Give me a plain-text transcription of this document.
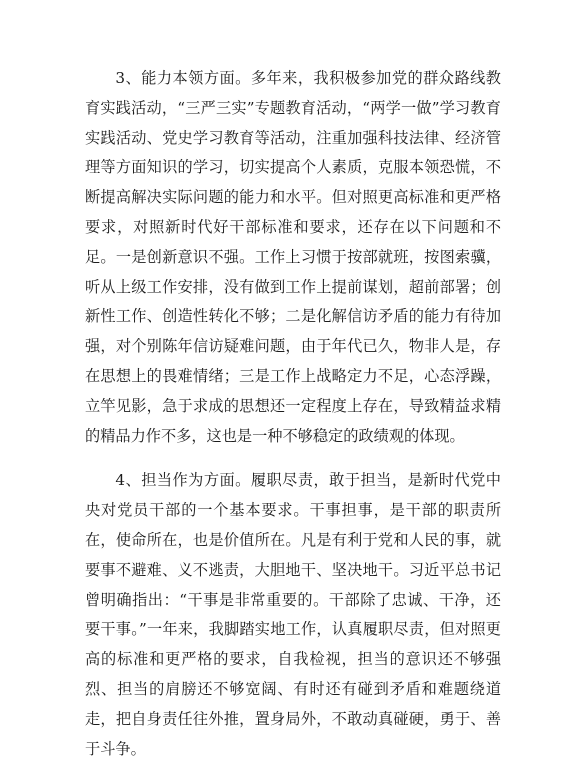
3、能力本领方面。多年来，我积极参加党的群众路线教育实践活动，“三严三实”专题教育活动，“两学一做”学习教育实践活动、党史学习教育等活动，注重加强科技法律、经济管理等方面知识的学习，切实提高个人素质，克服本领恐慌，不断提高解决实际问题的能力和水平。但对照更高标准和更严格要求，对照新时代好干部标准和要求，还存在以下问题和不足。一是创新意识不强。工作上习惯于按部就班，按图索骥，听从上级工作安排，没有做到工作上提前谋划，超前部署；创新性工作、创造性转化不够；二是化解信访矛盾的能力有待加强，对个别陈年信访疑难问题，由于年代已久，物非人是，存在思想上的畏难情绪；三是工作上战略定力不足，心态浮躁，立竿见影，急于求成的思想还一定程度上存在，导致精益求精的精品力作不多，这也是一种不够稳定的政绩观的体现。

4、担当作为方面。履职尽责，敢于担当，是新时代党中央对党员干部的一个基本要求。干事担事，是干部的职责所在，使命所在，也是价值所在。凡是有利于党和人民的事，就要事不避难、义不逃责，大胆地干、坚决地干。习近平总书记曾明确指出：“干事是非常重要的。干部除了忠诚、干净，还要干事。”一年来，我脚踏实地工作，认真履职尽责，但对照更高的标准和更严格的要求，自我检视，担当的意识还不够强烈、担当的肩膀还不够宽阔、有时还有碰到矛盾和难题绕道走，把自身责任往外推，置身局外，不敢动真碰硬，勇于、善于斗争。
